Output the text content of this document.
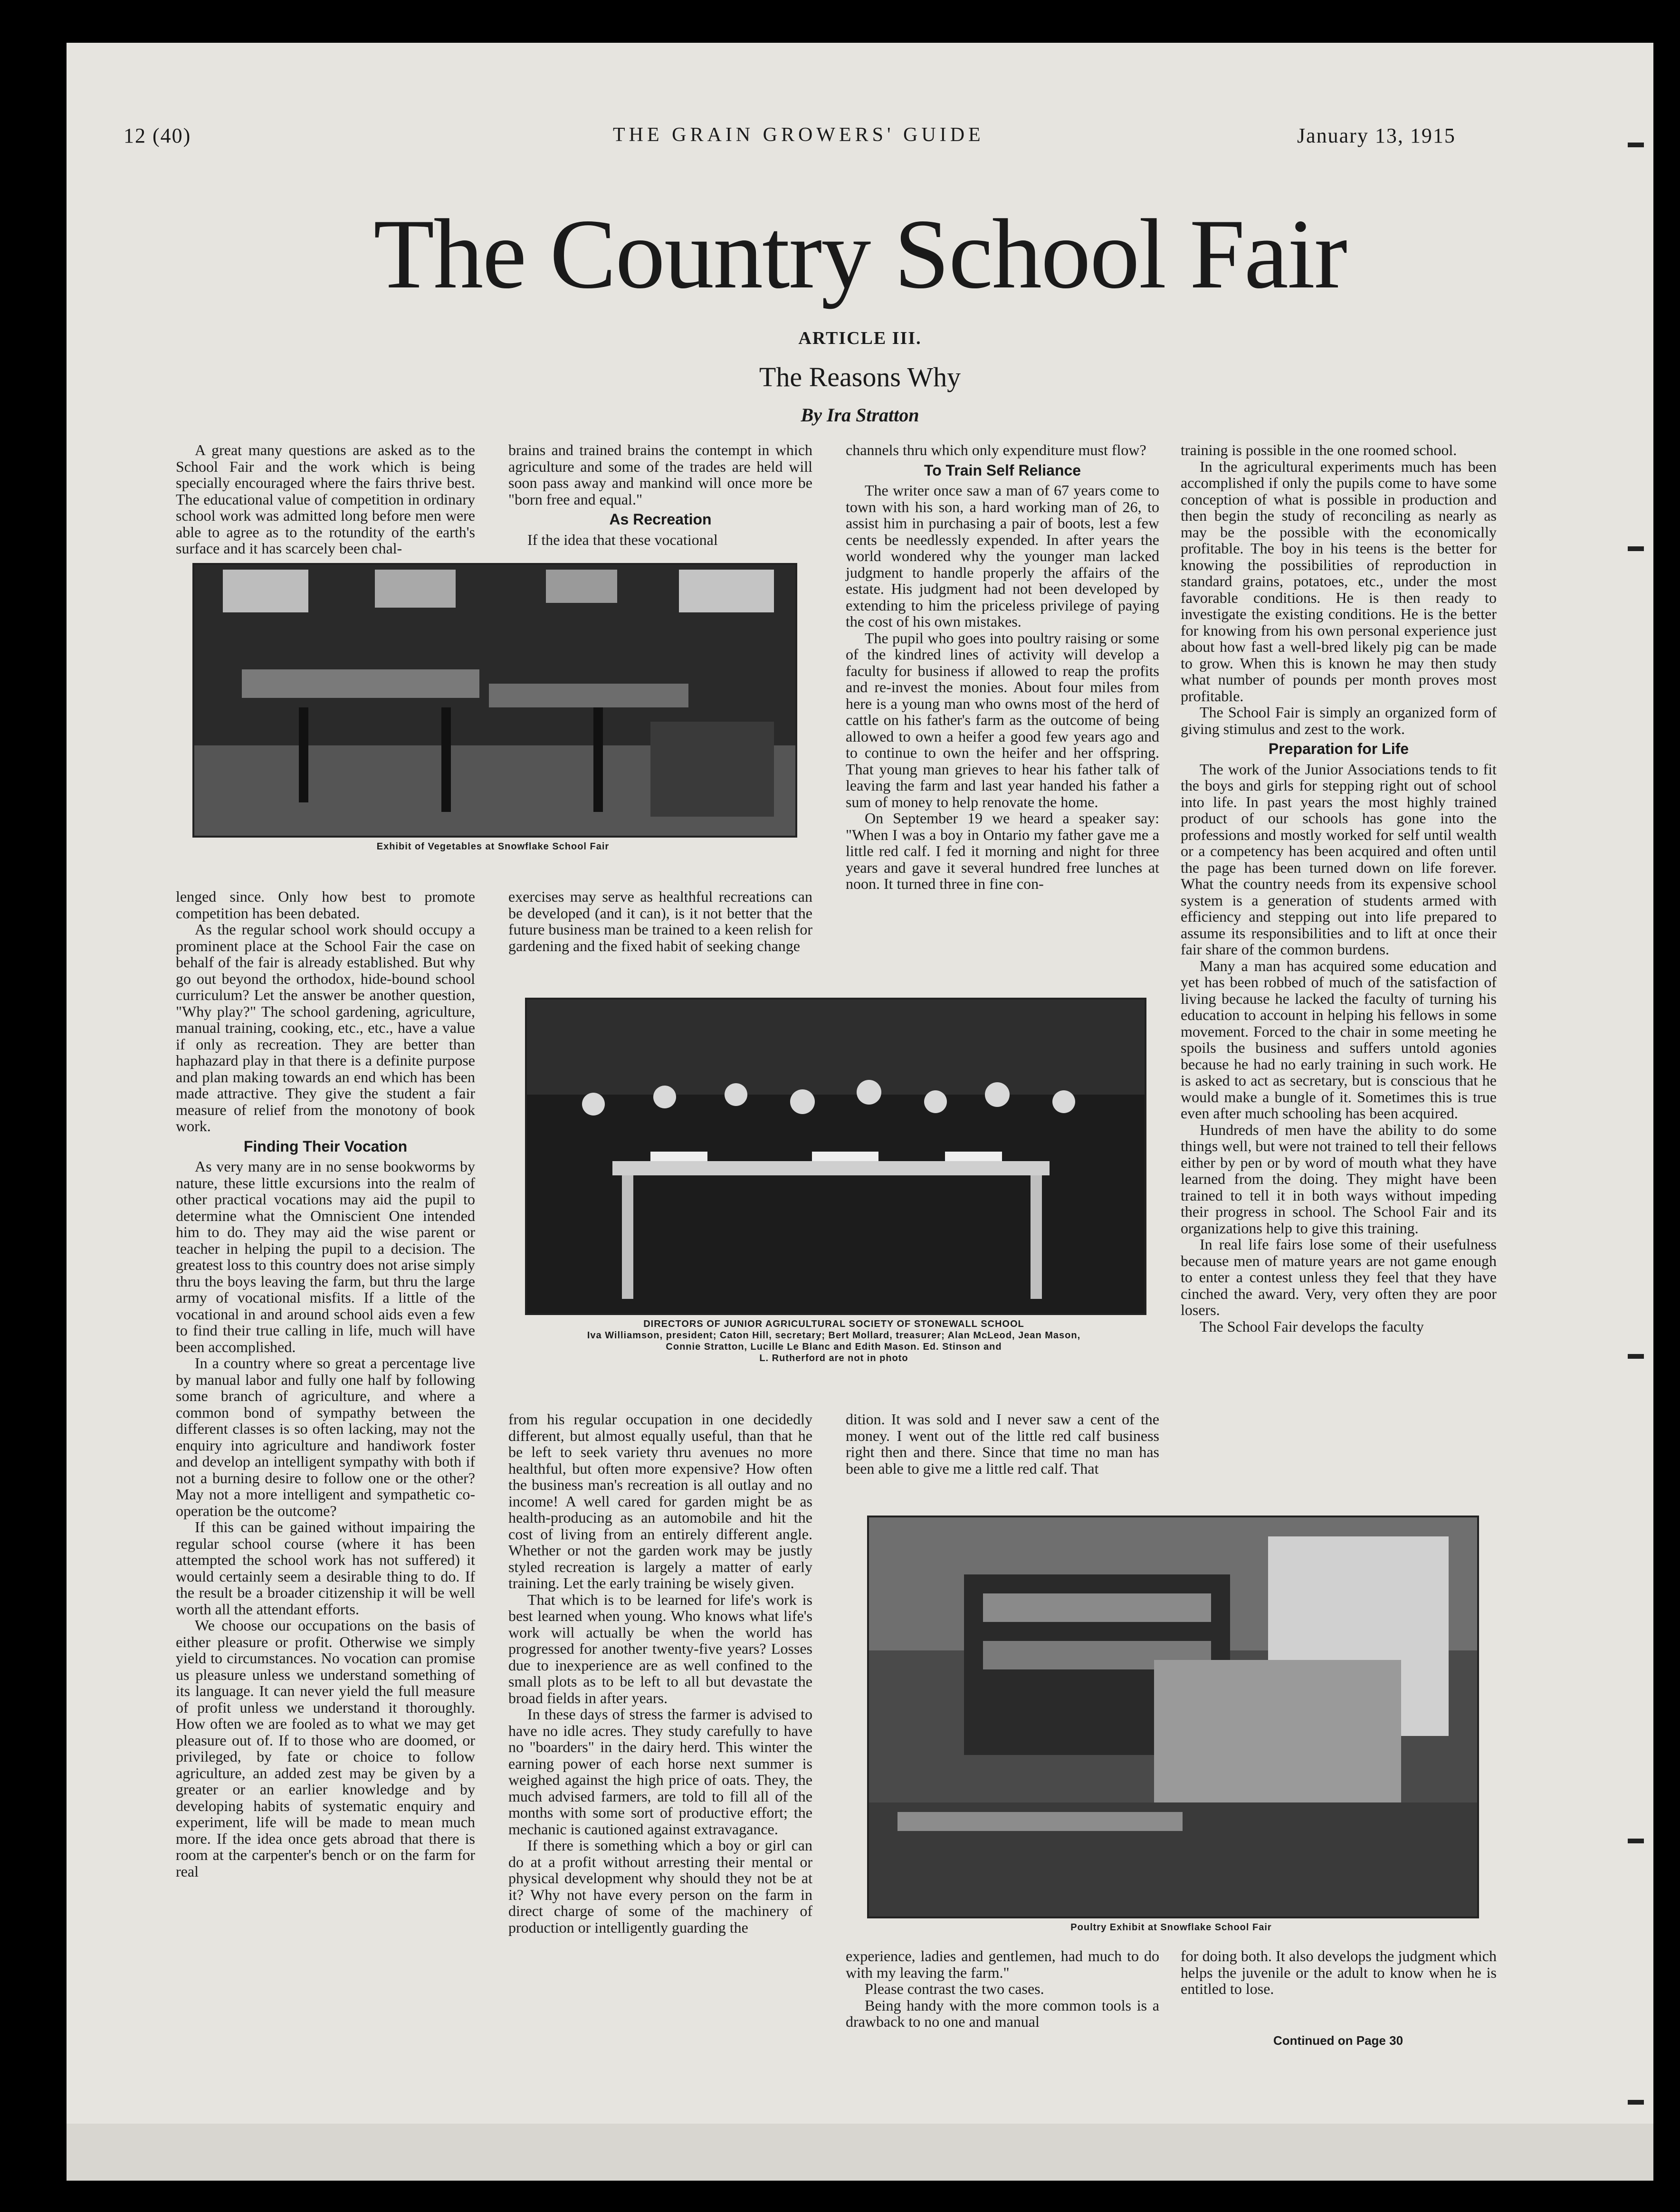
12 (40)	THE GRAIN GROWERS' GUIDE	January 13, 1915
The Country School Fair
ARTICLE III.
The Reasons Why
By Ira Stratton

A great many questions are asked as to the School Fair and the work which is being specially encouraged where the fairs thrive best. The educational value of competition in ordinary school work was admitted long before men were able to agree as to the rotundity of the earth's surface and it has scarcely been chal-

brains and trained brains the contempt in which agriculture and some of the trades are held will soon pass away and mankind will once more be "born free and equal."

As Recreation

If the idea that these vocational

channels thru which only expenditure must flow?

To Train Self Reliance

The writer once saw a man of 67 years come to town with his son, a hard working man of 26, to assist him in purchasing a pair of boots, lest a few cents be needlessly expended. In after years the world wondered why the younger man lacked judgment to handle properly the affairs of the estate. His judgment had not been developed by extending to him the priceless privilege of paying the cost of his own mistakes.

The pupil who goes into poultry raising or some of the kindred lines of activity will develop a faculty for business if allowed to reap the profits and re-invest the monies. About four miles from here is a young man who owns most of the herd of cattle on his father's farm as the outcome of being allowed to own a heifer a good few years ago and to continue to own the heifer and her offspring. That young man grieves to hear his father talk of leaving the farm and last year handed his father a sum of money to help renovate the home.

On September 19 we heard a speaker say: "When I was a boy in Ontario my father gave me a little red calf. I fed it morning and night for three years and gave it several hundred free lunches at noon. It turned three in fine con-

training is possible in the one roomed school.

In the agricultural experiments much has been accomplished if only the pupils come to have some conception of what is possible in production and then begin the study of reconciling as nearly as may be the possible with the economically profitable. The boy in his teens is the better for knowing the possibilities of reproduction in standard grains, potatoes, etc., under the most favorable conditions. He is then ready to investigate the existing conditions. He is the better for knowing from his own personal experience just about how fast a well-bred likely pig can be made to grow. When this is known he may then study what number of pounds per month proves most profitable.

The School Fair is simply an organized form of giving stimulus and zest to the work.

Preparation for Life

The work of the Junior Associations tends to fit the boys and girls for stepping right out of school into life. In past years the most highly trained product of our schools has gone into the professions and mostly worked for self until wealth or a competency has been acquired and often until the page has been turned down on life forever. What the country needs from its expensive school system is a generation of students armed with efficiency and stepping out into life prepared to assume its responsibilities and to lift at once their fair share of the common burdens.

Many a man has acquired some education and yet has been robbed of much of the satisfaction of living because he lacked the faculty of turning his education to account in helping his fellows in some movement. Forced to the chair in some meeting he spoils the business and suffers untold agonies because he had no early training in such work. He is asked to act as secretary, but is conscious that he would make a bungle of it. Sometimes this is true even after much schooling has been acquired.

Hundreds of men have the ability to do some things well, but were not trained to tell their fellows either by pen or by word of mouth what they have learned from the doing. They might have been trained to tell it in both ways without impeding their progress in school. The School Fair and its organizations help to give this training.

In real life fairs lose some of their usefulness because men of mature years are not game enough to enter a contest unless they feel that they have cinched the award. Very, very often they are poor losers.

The School Fair develops the faculty

Exhibit of Vegetables at Snowflake School Fair

lenged since. Only how best to promote competition has been debated.

As the regular school work should occupy a prominent place at the School Fair the case on behalf of the fair is already established. But why go out beyond the orthodox, hide-bound school curriculum? Let the answer be another question, "Why play?" The school gardening, agriculture, manual training, cooking, etc., etc., have a value if only as recreation. They are better than haphazard play in that there is a definite purpose and plan making towards an end which has been made attractive. They give the student a fair measure of relief from the monotony of book work.

Finding Their Vocation

As very many are in no sense bookworms by nature, these little excursions into the realm of other practical vocations may aid the pupil to determine what the Omniscient One intended him to do. They may aid the wise parent or teacher in helping the pupil to a decision. The greatest loss to this country does not arise simply thru the boys leaving the farm, but thru the large army of vocational misfits. If a little of the vocational in and around school aids even a few to find their true calling in life, much will have been accomplished.

In a country where so great a percentage live by manual labor and fully one half by following some branch of agriculture, and where a common bond of sympathy between the different classes is so often lacking, may not the enquiry into agriculture and handiwork foster and develop an intelligent sympathy with both if not a burning desire to follow one or the other? May not a more intelligent and sympathetic co-operation be the outcome?

If this can be gained without impairing the regular school course (where it has been attempted the school work has not suffered) it would certainly seem a desirable thing to do. If the result be a broader citizenship it will be well worth all the attendant efforts.

We choose our occupations on the basis of either pleasure or profit. Otherwise we simply yield to circumstances. No vocation can promise us pleasure unless we understand something of its language. It can never yield the full measure of profit unless we understand it thoroughly. How often we are fooled as to what we may get pleasure out of. If to those who are doomed, or privileged, by fate or choice to follow agriculture, an added zest may be given by a greater or an earlier knowledge and by developing habits of systematic enquiry and experiment, life will be made to mean much more. If the idea once gets abroad that there is room at the carpenter's bench or on the farm for real

exercises may serve as healthful recreations can be developed (and it can), is it not better that the future business man be trained to a keen relish for gardening and the fixed habit of seeking change

DIRECTORS OF JUNIOR AGRICULTURAL SOCIETY OF STONEWALL SCHOOL
Iva Williamson, president; Caton Hill, secretary; Bert Mollard, treasurer; Alan McLeod, Jean Mason,
Connie Stratton, Lucille Le Blanc and Edith Mason. Ed. Stinson and
L. Rutherford are not in photo

from his regular occupation in one decidedly different, but almost equally useful, than that he be left to seek variety thru avenues no more healthful, but often more expensive? How often the business man's recreation is all outlay and no income! A well cared for garden might be as health-producing as an automobile and hit the cost of living from an entirely different angle. Whether or not the garden work may be justly styled recreation is largely a matter of early training. Let the early training be wisely given.

That which is to be learned for life's work is best learned when young. Who knows what life's work will actually be when the world has progressed for another twenty-five years? Losses due to inexperience are as well confined to the small plots as to be left to all but devastate the broad fields in after years.

In these days of stress the farmer is advised to have no idle acres. They study carefully to have no "boarders" in the dairy herd. This winter the earning power of each horse next summer is weighed against the high price of oats. They, the much advised farmers, are told to fill all of the months with some sort of productive effort; the mechanic is cautioned against extravagance.

If there is something which a boy or girl can do at a profit without arresting their mental or physical development why should they not be at it? Why not have every person on the farm in direct charge of some of the machinery of production or intelligently guarding the

dition. It was sold and I never saw a cent of the money. I went out of the little red calf business right then and there. Since that time no man has been able to give me a little red calf. That

Poultry Exhibit at Snowflake School Fair

experience, ladies and gentlemen, had much to do with my leaving the farm."

Please contrast the two cases.

Being handy with the more common tools is a drawback to no one and manual

for doing both. It also develops the judgment which helps the juvenile or the adult to know when he is entitled to lose.

Continued on Page 30
